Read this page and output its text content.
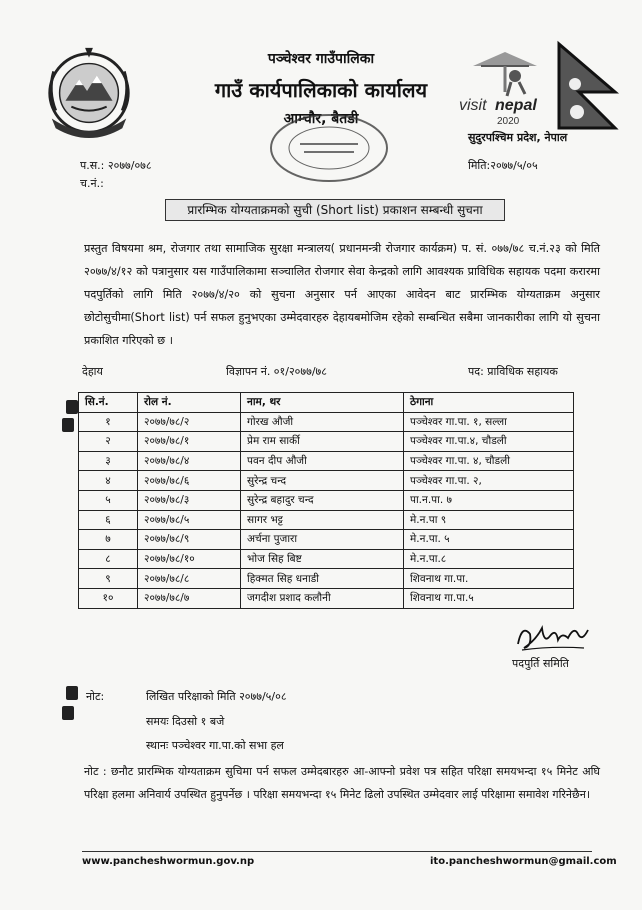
पञ्चेश्वर गाउँपालिका
गाउँ कार्यपालिकाको कार्यालय
आम्चौर, बैतडी
visit nepal
2020
सुदुरपश्चिम प्रदेश, नेपाल
प.स.: २०७७/०७८
च.नं.:
मिति:२०७७/५/०५
प्रारम्भिक योग्यताक्रमको सुची (Short list) प्रकाशन सम्बन्धी सुचना
प्रस्तुत विषयमा श्रम, रोजगार तथा सामाजिक सुरक्षा मन्त्रालय( प्रधानमन्त्री रोजगार कार्यक्रम) प. सं. ०७७/७८ च.नं.२३ को मिति २०७७/४/१२ को पत्रानुसार यस गाउँपालिकामा सञ्चालित रोजगार सेवा केन्द्रको लागि आवश्यक प्राविधिक सहायक पदमा करारमा पदपुर्तिको लागि मिति २०७७/४/२० को सुचना अनुसार पर्न आएका आवेदन बाट प्रारम्भिक योग्यताक्रम अनुसार छोटोसुचीमा(Short list) पर्न सफल हुनुभएका उम्मेदवारहरु देहायबमोजिम रहेको सम्बन्धित सबैमा जानकारीका लागि यो सुचना प्रकाशित गरिएको छ ।
देहाय	विज्ञापन नं. ०१/२०७७/७८	पद: प्राविधिक सहायक
सि.नं.	रोल नं.	नाम, थर	ठेगाना
१	२०७७/७८/२	गोरख औजी	पञ्चेश्वर गा.पा. १, सल्ला
२	२०७७/७८/१	प्रेम राम सार्की	पञ्चेश्वर गा.पा.४, चौडली
३	२०७७/७८/४	पवन दीप औजी	पञ्चेश्वर गा.पा. ४, चौडली
४	२०७७/७८/६	सुरेन्द्र चन्द	पञ्चेश्वर गा.पा. २,
५	२०७७/७८/३	सुरेन्द्र बहादुर चन्द	पा.न.पा. ७
६	२०७७/७८/५	सागर भट्ट	मे.न.पा ९
७	२०७७/७८/९	अर्चना पुजारा	मे.न.पा. ५
८	२०७७/७८/१०	भोज सिह बिष्ट	मे.न.पा.८
९	२०७७/७८/८	हिक्मत सिह धनाडी	शिवनाथ गा.पा.
१०	२०७७/७८/७	जगदीश प्रशाद कलौनी	शिवनाथ गा.पा.५
पदपुर्ति समिति
नोट:	लिखित परिक्षाको मिति २०७७/५/०८
समयः दिउसो १ बजे
स्थानः पञ्चेश्वर गा.पा.को सभा हल
नोट : छनौट प्रारम्भिक योग्यताक्रम सुचिमा पर्न सफल उम्मेदबारहरु आ-आफ्नो प्रवेश पत्र सहित परिक्षा समयभन्दा १५ मिनेट अघि परिक्षा हलमा अनिवार्य उपस्थित हुनुपर्नेछ । परिक्षा समयभन्दा १५ मिनेट ढिलो उपस्थित उम्मेदवार लाई परिक्षामा समावेश गरिनेछैन।
www.pancheshwormun.gov.np	ito.pancheshwormun@gmail.com
